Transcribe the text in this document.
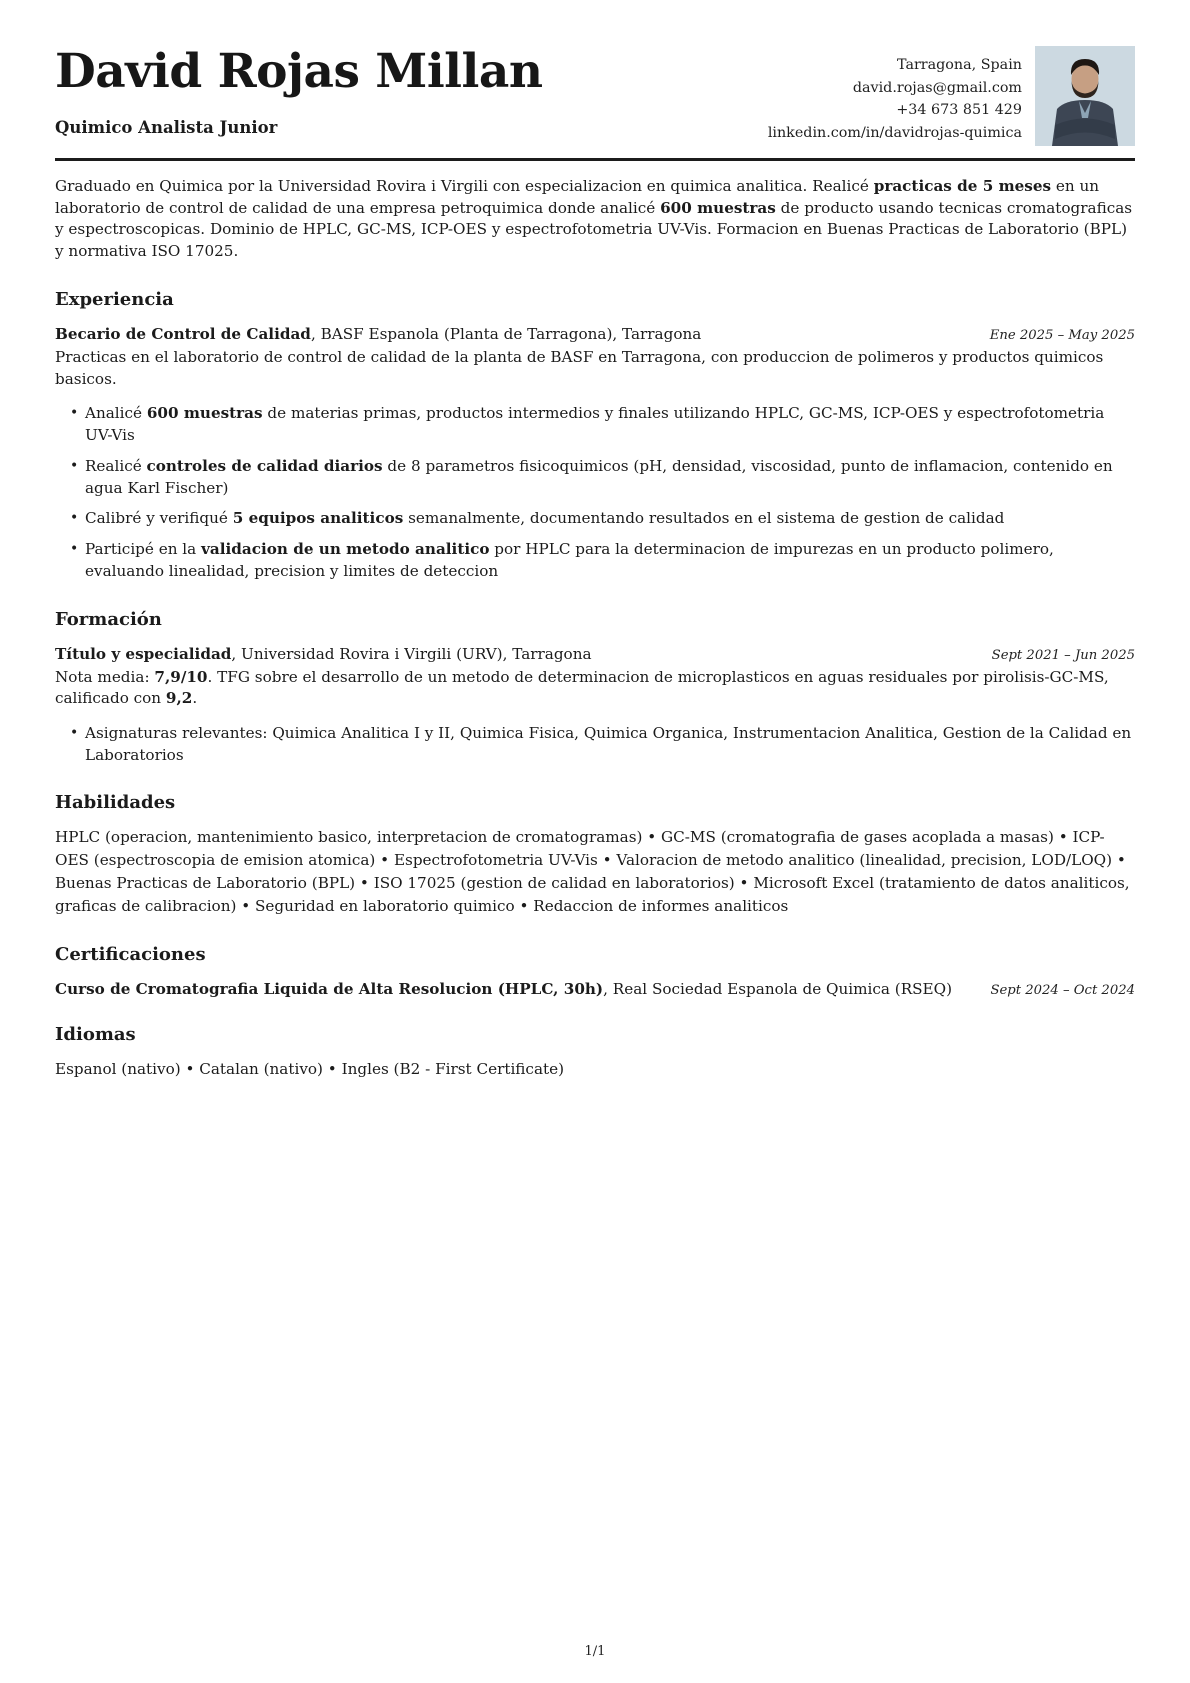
David Rojas Millan
Quimico Analista Junior
Tarragona, Spain
david.rojas@gmail.com
+34 673 851 429
linkedin.com/in/davidrojas-quimica

Graduado en Quimica por la Universidad Rovira i Virgili con especializacion en quimica analitica. Realicé practicas de 5 meses en un laboratorio de control de calidad de una empresa petroquimica donde analicé 600 muestras de producto usando tecnicas cromatograficas y espectroscopicas. Dominio de HPLC, GC-MS, ICP-OES y espectrofotometria UV-Vis. Formacion en Buenas Practicas de Laboratorio (BPL) y normativa ISO 17025.

Experiencia
Becario de Control de Calidad, BASF Espanola (Planta de Tarragona), Tarragona	Ene 2025 – May 2025

Practicas en el laboratorio de control de calidad de la planta de BASF en Tarragona, con produccion de polimeros y productos quimicos basicos.

• Analicé 600 muestras de materias primas, productos intermedios y finales utilizando HPLC, GC-MS, ICP-OES y espectrofotometria UV-Vis
• Realicé controles de calidad diarios de 8 parametros fisicoquimicos (pH, densidad, viscosidad, punto de inflamacion, contenido en agua Karl Fischer)
• Calibré y verifiqué 5 equipos analiticos semanalmente, documentando resultados en el sistema de gestion de calidad
• Participé en la validacion de un metodo analitico por HPLC para la determinacion de impurezas en un producto polimero, evaluando linealidad, precision y limites de deteccion
Formación
Título y especialidad, Universidad Rovira i Virgili (URV), Tarragona	Sept 2021 – Jun 2025

Nota media: 7,9/10. TFG sobre el desarrollo de un metodo de determinacion de microplasticos en aguas residuales por pirolisis-GC-MS, calificado con 9,2.

• Asignaturas relevantes: Quimica Analitica I y II, Quimica Fisica, Quimica Organica, Instrumentacion Analitica, Gestion de la Calidad en Laboratorios
Habilidades

HPLC (operacion, mantenimiento basico, interpretacion de cromatogramas) • GC-MS (cromatografia de gases acoplada a masas) • ICP-OES (espectroscopia de emision atomica) • Espectrofotometria UV-Vis • Valoracion de metodo analitico (linealidad, precision, LOD/LOQ) • Buenas Practicas de Laboratorio (BPL) • ISO 17025 (gestion de calidad en laboratorios) • Microsoft Excel (tratamiento de datos analiticos, graficas de calibracion) • Seguridad en laboratorio quimico • Redaccion de informes analiticos

Certificaciones
Curso de Cromatografia Liquida de Alta Resolucion (HPLC, 30h), Real Sociedad Espanola de Quimica (RSEQ)	Sept 2024 – Oct 2024
Idiomas

Espanol (nativo) • Catalan (nativo) • Ingles (B2 - First Certificate)

1/1
